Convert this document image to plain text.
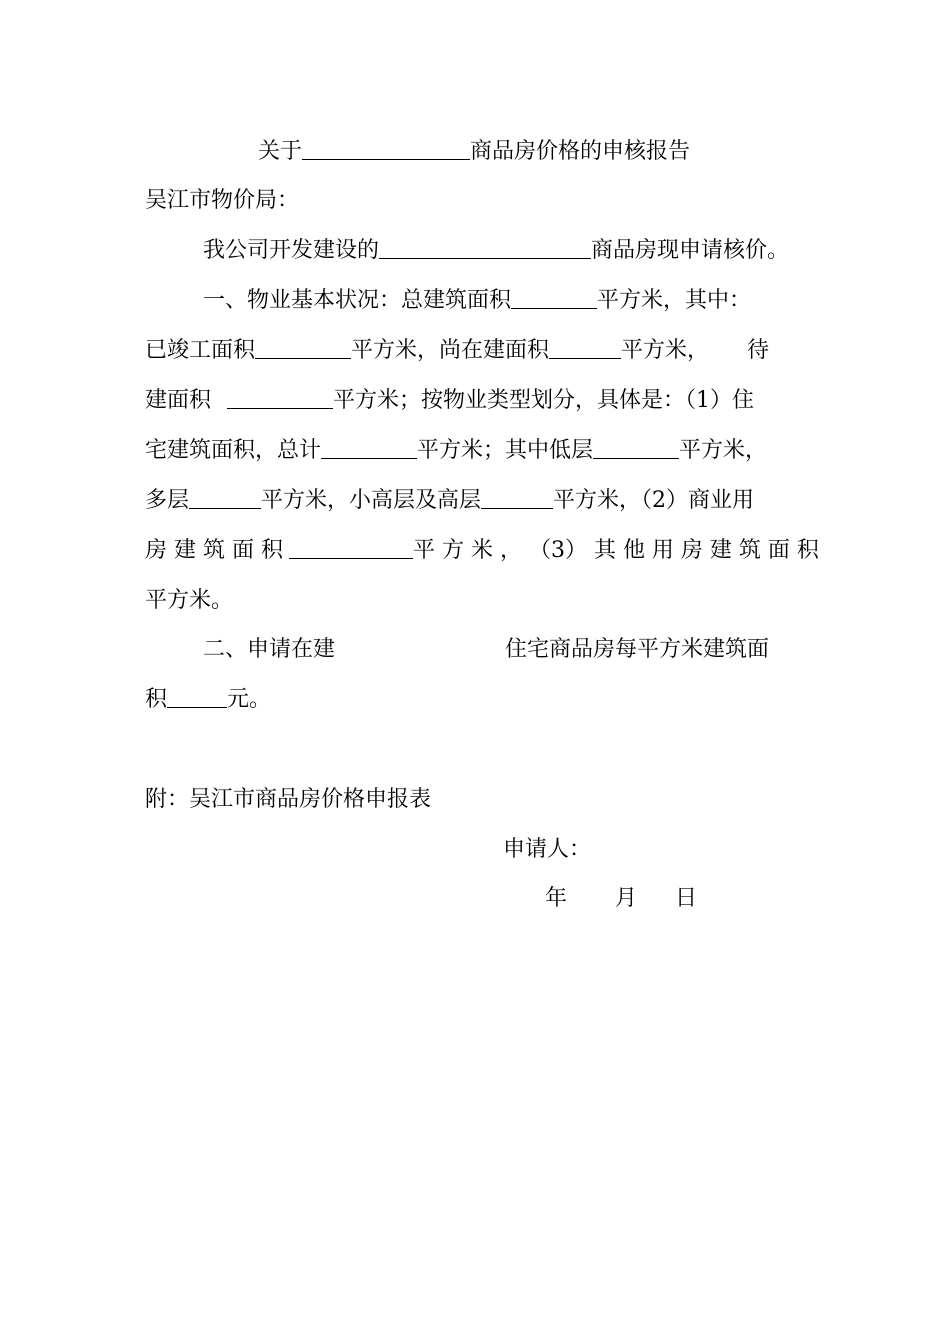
关于	商品房价格的申核报告
吴江市物价局：
我公司开发建设的	商品房现申请核价。
一、物业基本状况：总建筑面积	平方米，其中：
已竣工面积	平方米，尚在建面积	平方米， 待
建面积	平方米；按物业类型划分，具体是：（1）住
宅建筑面积，总计	平方米；其中低层	平方米，
多层	平方米，小高层及高层	平方米，（2）商业用
房 建 筑 面 积	平 方 米 ， （3） 其 他 用 房 建 筑 面 积
平方米。
二、申请在建	住宅商品房每平方米建筑面
积	元。
附：吴江市商品房价格申报表
申请人：
年 月 日
